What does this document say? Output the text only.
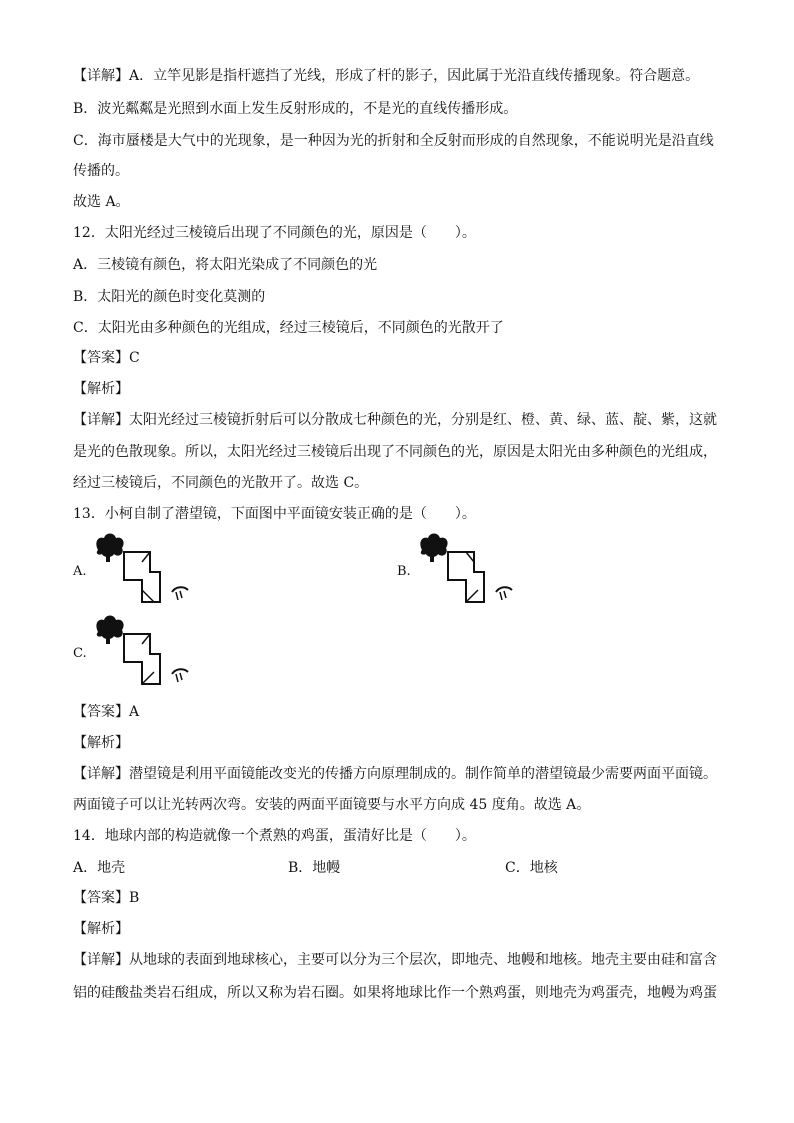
【详解】A．立竿见影是指杆遮挡了光线，形成了杆的影子，因此属于光沿直线传播现象。符合题意。
B．波光粼粼是光照到水面上发生反射形成的，不是光的直线传播形成。
C．海市蜃楼是大气中的光现象，是一种因为光的折射和全反射而形成的自然现象，不能说明光是沿直线
传播的。
故选 A。
12．太阳光经过三棱镜后出现了不同颜色的光，原因是（　　）。
A．三棱镜有颜色，将太阳光染成了不同颜色的光
B．太阳光的颜色时变化莫测的
C．太阳光由多种颜色的光组成，经过三棱镜后，不同颜色的光散开了
【答案】C
【解析】
【详解】太阳光经过三棱镜折射后可以分散成七种颜色的光，分别是红、橙、黄、绿、蓝、靛、紫，这就
是光的色散现象。所以，太阳光经过三棱镜后出现了不同颜色的光，原因是太阳光由多种颜色的光组成，
经过三棱镜后，不同颜色的光散开了。故选 C。
13．小柯自制了潜望镜，下面图中平面镜安装正确的是（　　）。
A.	B.
C.
【答案】A
【解析】
【详解】潜望镜是利用平面镜能改变光的传播方向原理制成的。制作简单的潜望镜最少需要两面平面镜。
两面镜子可以让光转两次弯。安装的两面平面镜要与水平方向成 45 度角。故选 A。
14．地球内部的构造就像一个煮熟的鸡蛋，蛋清好比是（　　）。
A．地壳	B．地幔	C．地核
【答案】B
【解析】
【详解】从地球的表面到地球核心，主要可以分为三个层次，即地壳、地幔和地核。地壳主要由硅和富含
铝的硅酸盐类岩石组成，所以又称为岩石圈。如果将地球比作一个熟鸡蛋，则地壳为鸡蛋壳，地幔为鸡蛋
